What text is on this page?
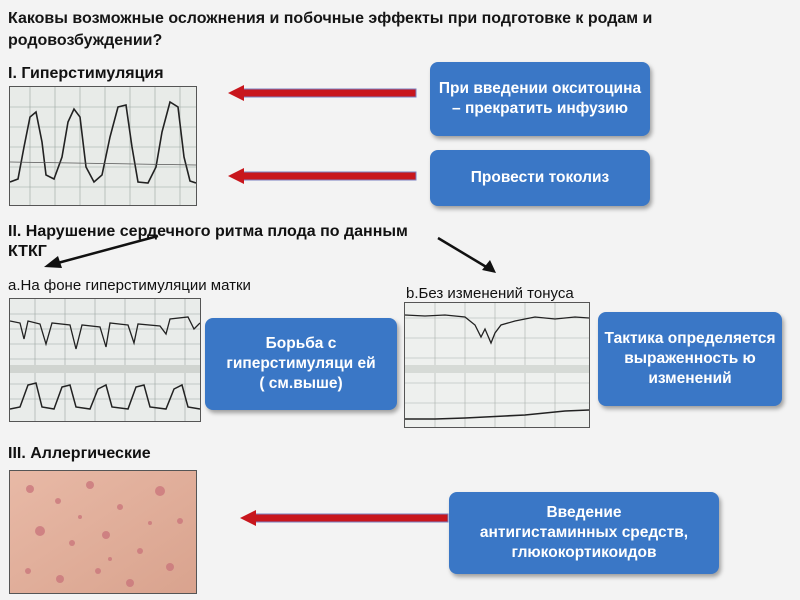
Каковы возможные осложнения и побочные эффекты при подготовке к родам и родовозбуждении?
I. Гиперстимуляция
При введении окситоцина – прекратить инфузию
Провести токолиз
II. Нарушение сердечного ритма плода по данным КТКГ
a.На фоне гиперстимуляции матки
Борьба с гиперстимуляци ей
( см.выше)
b.Без изменений тонуса
Тактика определяется выраженность ю изменений
III. Аллергические
Введение антигистаминных средств, глюкокортикоидов
